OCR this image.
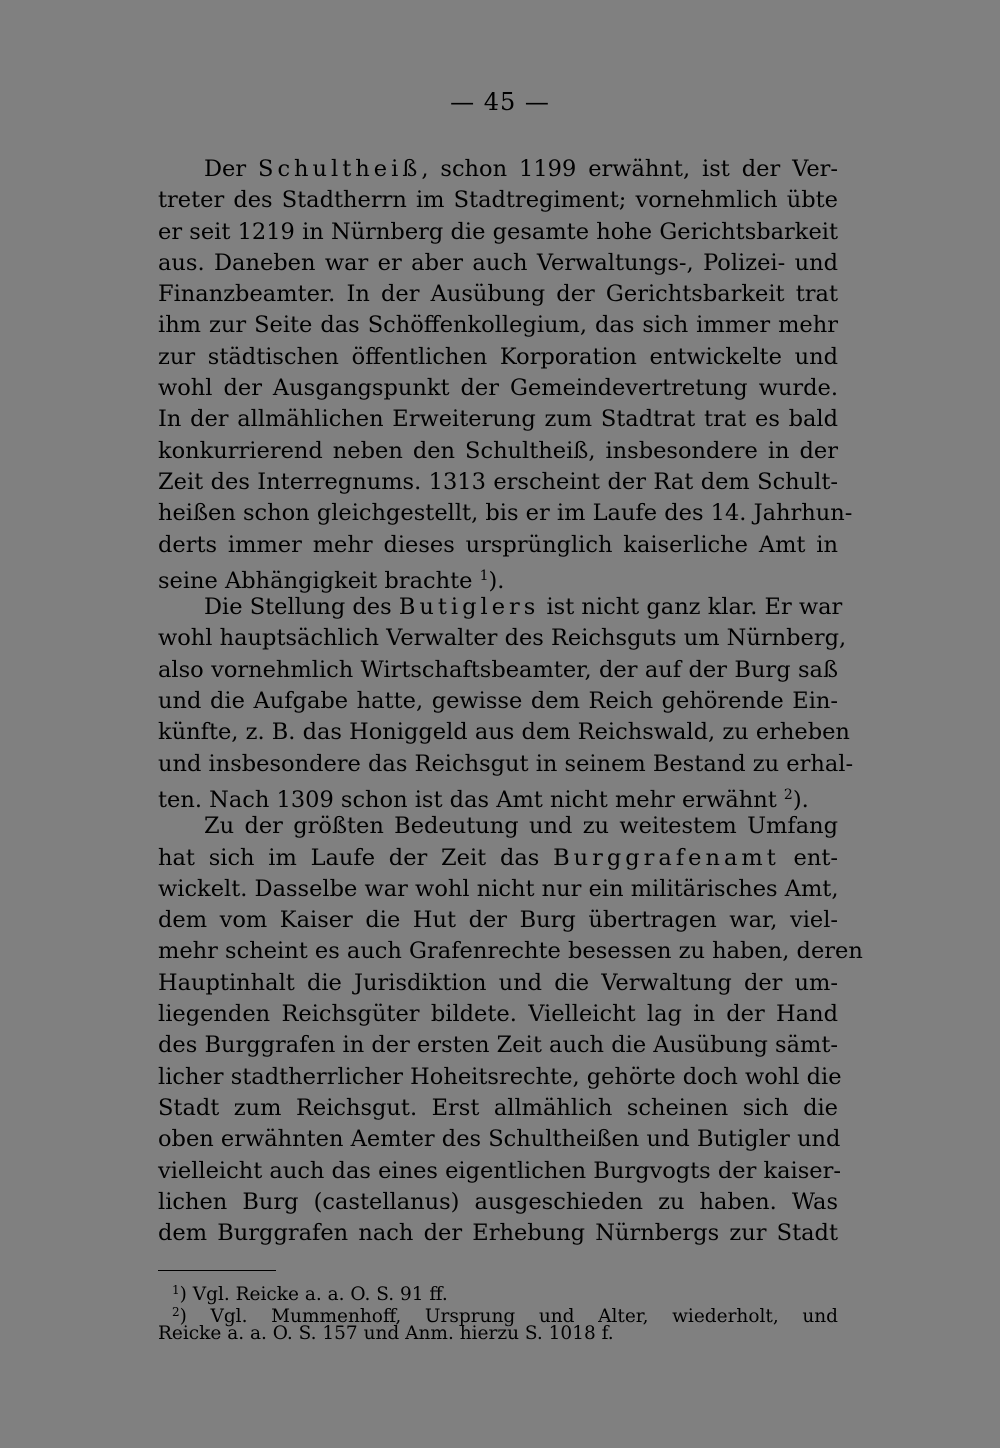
— 45 —
Der Schultheiß, schon 1199 erwähnt, ist der Ver-
treter des Stadtherrn im Stadtregiment; vornehmlich übte
er seit 1219 in Nürnberg die gesamte hohe Gerichtsbarkeit
aus. Daneben war er aber auch Verwaltungs-, Polizei- und
Finanzbeamter. In der Ausübung der Gerichtsbarkeit trat
ihm zur Seite das Schöffenkollegium, das sich immer mehr
zur städtischen öffentlichen Korporation entwickelte und
wohl der Ausgangspunkt der Gemeindevertretung wurde.
In der allmählichen Erweiterung zum Stadtrat trat es bald
konkurrierend neben den Schultheiß, insbesondere in der
Zeit des Interregnums. 1313 erscheint der Rat dem Schult-
heißen schon gleichgestellt, bis er im Laufe des 14. Jahrhun-
derts immer mehr dieses ursprünglich kaiserliche Amt in
seine Abhängigkeit brachte $^1$).
Die Stellung des Butiglers ist nicht ganz klar. Er war
wohl hauptsächlich Verwalter des Reichsguts um Nürnberg,
also vornehmlich Wirtschaftsbeamter, der auf der Burg saß
und die Aufgabe hatte, gewisse dem Reich gehörende Ein-
künfte, z. B. das Honiggeld aus dem Reichswald, zu erheben
und insbesondere das Reichsgut in seinem Bestand zu erhal-
ten. Nach 1309 schon ist das Amt nicht mehr erwähnt $^2$).
Zu der größten Bedeutung und zu weitestem Umfang
hat sich im Laufe der Zeit das Burggrafenamt ent-
wickelt. Dasselbe war wohl nicht nur ein militärisches Amt,
dem vom Kaiser die Hut der Burg übertragen war, viel-
mehr scheint es auch Grafenrechte besessen zu haben, deren
Hauptinhalt die Jurisdiktion und die Verwaltung der um-
liegenden Reichsgüter bildete. Vielleicht lag in der Hand
des Burggrafen in der ersten Zeit auch die Ausübung sämt-
licher stadtherrlicher Hoheitsrechte, gehörte doch wohl die
Stadt zum Reichsgut. Erst allmählich scheinen sich die
oben erwähnten Aemter des Schultheißen und Butigler und
vielleicht auch das eines eigentlichen Burgvogts der kaiser-
lichen Burg (castellanus) ausgeschieden zu haben. Was
dem Burggrafen nach der Erhebung Nürnbergs zur Stadt
$^1$) Vgl. Reicke a. a. O. S. 91 ff.
$^2$) Vgl. Mummenhoff, Ursprung und Alter, wiederholt, und
Reicke a. a. O. S. 157 und Anm. hierzu S. 1018 f.
